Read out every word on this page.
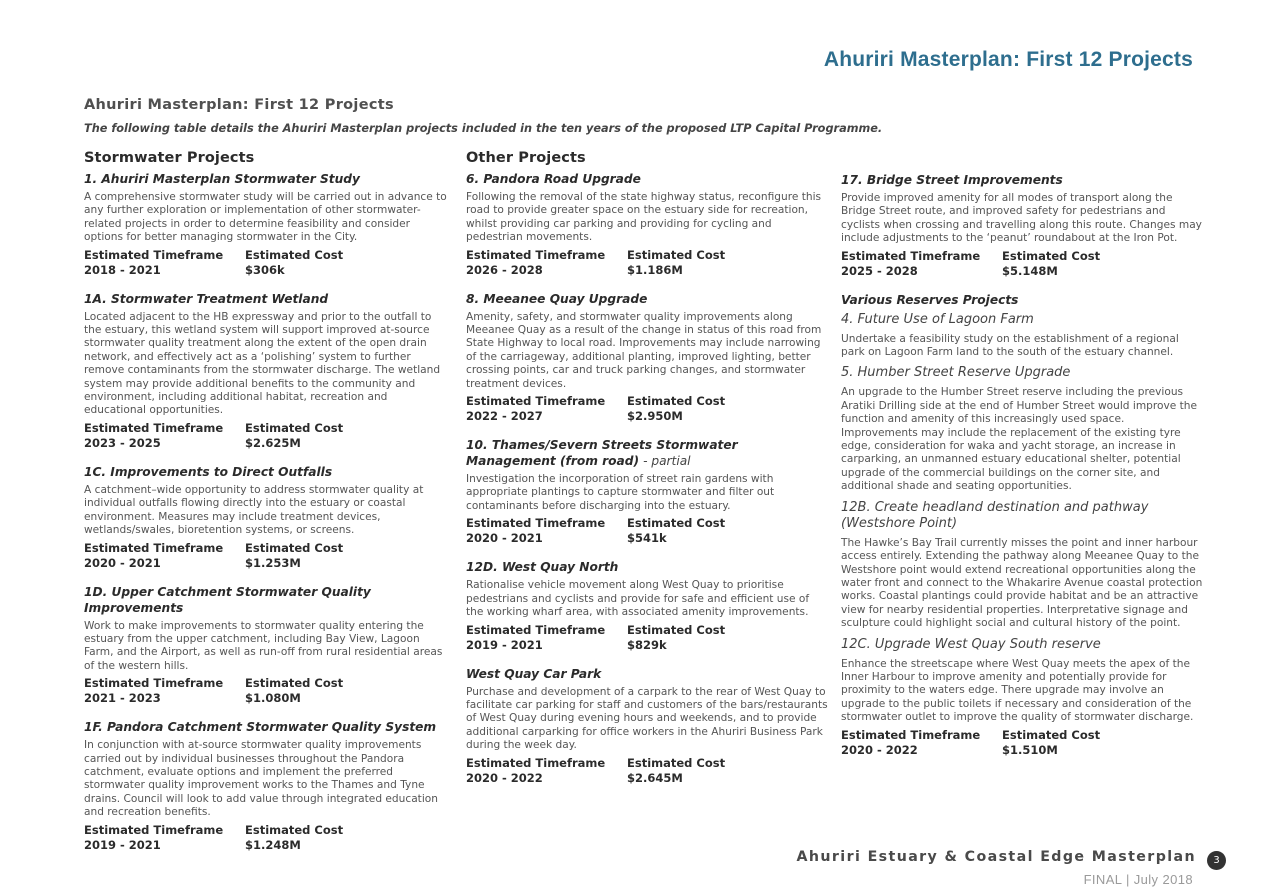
Ahuriri Masterplan: First 12 Projects
Ahuriri Masterplan: First 12 Projects
The following table details the Ahuriri Masterplan projects included in the ten years of the proposed LTP Capital Programme.
Stormwater Projects
1. Ahuriri Masterplan Stormwater Study
A comprehensive stormwater study will be carried out in advance to any further exploration or implementation of other stormwater-related projects in order to determine feasibility and consider options for better managing stormwater in the City.
Estimated Timeframe	Estimated Cost
2018 - 2021	$306k
1A. Stormwater Treatment Wetland
Located adjacent to the HB expressway and prior to the outfall to the estuary, this wetland system will support improved at-source stormwater quality treatment along the extent of the open drain network, and effectively act as a ‘polishing’ system to further remove contaminants from the stormwater discharge. The wetland system may provide additional benefits to the community and environment, including additional habitat, recreation and educational opportunities.
Estimated Timeframe	Estimated Cost
2023 - 2025	$2.625M
1C. Improvements to Direct Outfalls
A catchment–wide opportunity to address stormwater quality at individual outfalls flowing directly into the estuary or coastal environment. Measures may include treatment devices, wetlands/swales, bioretention systems, or screens.
Estimated Timeframe	Estimated Cost
2020 - 2021	$1.253M
1D. Upper Catchment Stormwater Quality Improvements
Work to make improvements to stormwater quality entering the estuary from the upper catchment, including Bay View, Lagoon Farm, and the Airport, as well as run-off from rural residential areas of the western hills.
Estimated Timeframe	Estimated Cost
2021 - 2023	$1.080M
1F. Pandora Catchment Stormwater Quality System
In conjunction with at-source stormwater quality improvements carried out by individual businesses throughout the Pandora catchment, evaluate options and implement the preferred stormwater quality improvement works to the Thames and Tyne drains. Council will look to add value through integrated education and recreation benefits.
Estimated Timeframe	Estimated Cost
2019 - 2021	$1.248M
Other Projects
6. Pandora Road Upgrade
Following the removal of the state highway status, reconfigure this road to provide greater space on the estuary side for recreation, whilst providing car parking and providing for cycling and pedestrian movements.
Estimated Timeframe	Estimated Cost
2026 - 2028	$1.186M
8. Meeanee Quay Upgrade
Amenity, safety, and stormwater quality improvements along Meeanee Quay as a result of the change in status of this road from State Highway to local road. Improvements may include narrowing of the carriageway, additional planting, improved lighting, better crossing points, car and truck parking changes, and stormwater treatment devices.
Estimated Timeframe	Estimated Cost
2022 - 2027	$2.950M
10. Thames/Severn Streets Stormwater Management (from road) - partial
Investigation the incorporation of street rain gardens with appropriate plantings to capture stormwater and filter out contaminants before discharging into the estuary.
Estimated Timeframe	Estimated Cost
2020 - 2021	$541k
12D. West Quay North
Rationalise vehicle movement along West Quay to prioritise pedestrians and cyclists and provide for safe and efficient use of the working wharf area, with associated amenity improvements.
Estimated Timeframe	Estimated Cost
2019 - 2021	$829k
West Quay Car Park
Purchase and development of a carpark to the rear of West Quay to facilitate car parking for staff and customers of the bars/restaurants of West Quay during evening hours and weekends, and to provide additional carparking for office workers in the Ahuriri Business Park during the week day.
Estimated Timeframe	Estimated Cost
2020 - 2022	$2.645M
17. Bridge Street Improvements
Provide improved amenity for all modes of transport along the Bridge Street route, and improved safety for pedestrians and cyclists when crossing and travelling along this route. Changes may include adjustments to the ‘peanut’ roundabout at the Iron Pot.
Estimated Timeframe	Estimated Cost
2025 - 2028	$5.148M
Various Reserves Projects
4. Future Use of Lagoon Farm
Undertake a feasibility study on the establishment of a regional park on Lagoon Farm land to the south of the estuary channel.
5. Humber Street Reserve Upgrade
An upgrade to the Humber Street reserve including the previous Aratiki Drilling side at the end of Humber Street would improve the function and amenity of this increasingly used space. Improvements may include the replacement of the existing tyre edge, consideration for waka and yacht storage, an increase in carparking, an unmanned estuary educational shelter, potential upgrade of the commercial buildings on the corner site, and additional shade and seating opportunities.
12B. Create headland destination and pathway (Westshore Point)
The Hawke’s Bay Trail currently misses the point and inner harbour access entirely. Extending the pathway along Meeanee Quay to the Westshore point would extend recreational opportunities along the water front and connect to the Whakarire Avenue coastal protection works. Coastal plantings could provide habitat and be an attractive view for nearby residential properties. Interpretative signage and sculpture could highlight social and cultural history of the point.
12C. Upgrade West Quay South reserve
Enhance the streetscape where West Quay meets the apex of the Inner Harbour to improve amenity and potentially provide for proximity to the waters edge. There upgrade may involve an upgrade to the public toilets if necessary and consideration of the stormwater outlet to improve the quality of stormwater discharge.
Estimated Timeframe	Estimated Cost
2020 - 2022	$1.510M
Ahuriri Estuary & Coastal Edge Masterplan	3
FINAL | July 2018
